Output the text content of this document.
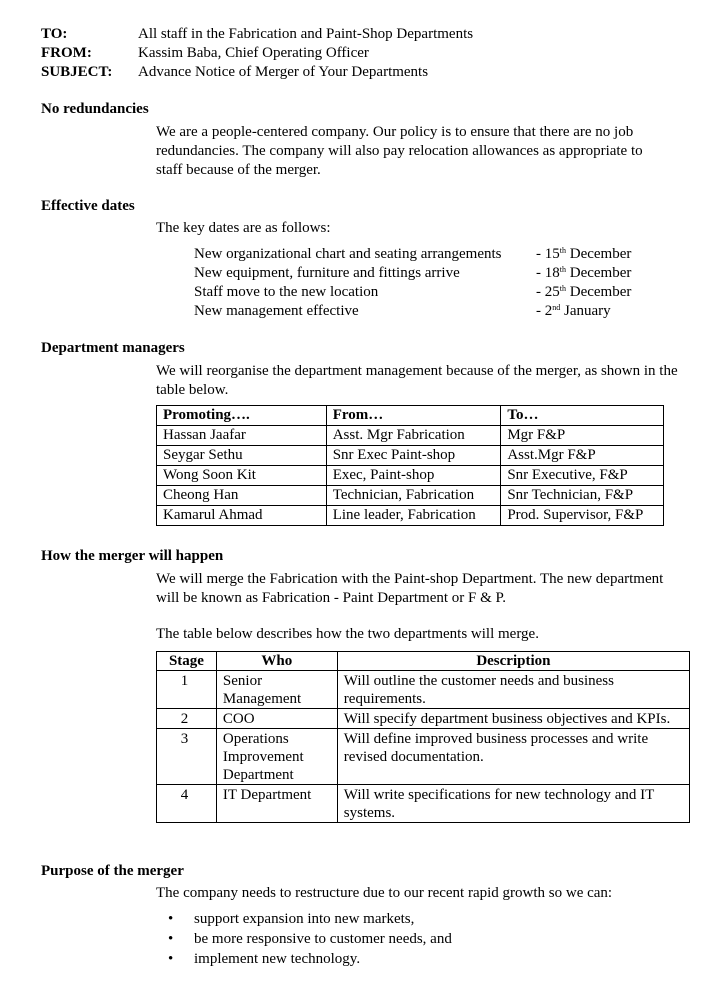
TO:	All staff in the Fabrication and Paint-Shop Departments
FROM:	Kassim Baba, Chief Operating Officer
SUBJECT: Advance Notice of Merger of Your Departments
No redundancies
We are a people-centered company. Our policy is to ensure that there are no job redundancies. The company will also pay relocation allowances as appropriate to staff because of the merger.
Effective dates
The key dates are as follows:
New organizational chart and seating arrangements - 15th December
New equipment, furniture and fittings arrive	- 18th December
Staff move to the new location	- 25th December
New management effective	- 2nd January
Department managers
We will reorganise the department management because of the merger, as shown in the table below.
Promoting….	From…	To…
Hassan Jaafar	Asst. Mgr Fabrication	Mgr F&P
Seygar Sethu	Snr Exec Paint-shop	Asst.Mgr F&P
Wong Soon Kit	Exec, Paint-shop	Snr Executive, F&P
Cheong Han	Technician, Fabrication	Snr Technician, F&P
Kamarul Ahmad	Line leader, Fabrication	Prod. Supervisor, F&P
How the merger will happen
We will merge the Fabrication with the Paint-shop Department. The new department will be known as Fabrication - Paint Department or F & P.
The table below describes how the two departments will merge.
Stage	Who	Description
1	Senior Management	Will outline the customer needs and business requirements.
2	COO	Will specify department business objectives and KPIs.
3	Operations Improvement Department	Will define improved business processes and write revised documentation.
4	IT Department	Will write specifications for new technology and IT systems.
Purpose of the merger
The company needs to restructure due to our recent rapid growth so we can:
• support expansion into new markets,
• be more responsive to customer needs, and
• implement new technology.
